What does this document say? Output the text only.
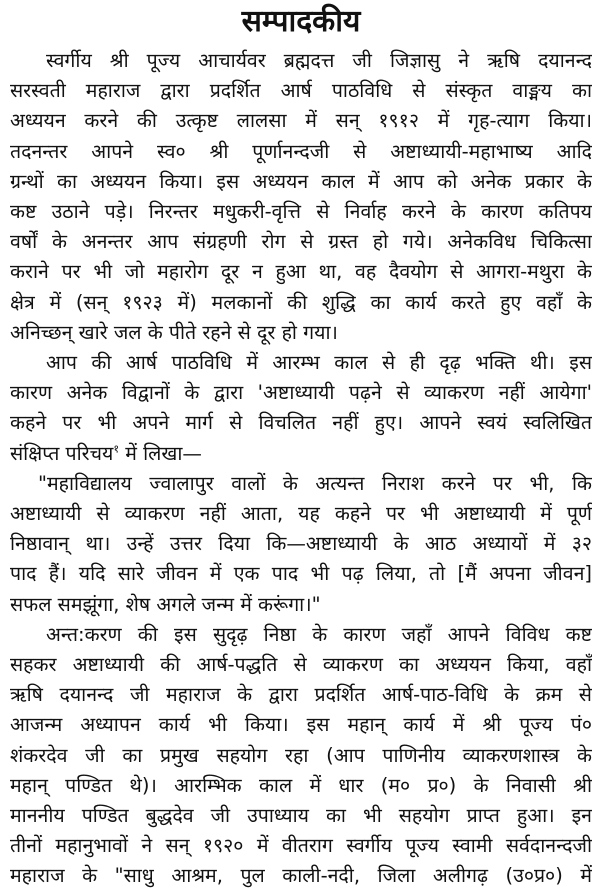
सम्पादकीय

स्वर्गीय श्री पूज्य आचार्यवर ब्रह्मदत्त जी जिज्ञासु ने ऋषि दयानन्द
सरस्वती महाराज द्वारा प्रदर्शित आर्ष पाठविधि से संस्कृत वाङ्मय का
अध्ययन करने की उत्कृष्ट लालसा में सन् १९१२ में गृह-त्याग किया।
तदनन्तर आपने स्व० श्री पूर्णानन्दजी से अष्टाध्यायी-महाभाष्य आदि
ग्रन्थों का अध्ययन किया। इस अध्ययन काल में आप को अनेक प्रकार के
कष्ट उठाने पड़े। निरन्तर मधुकरी-वृत्ति से निर्वाह करने के कारण कतिपय
वर्षों के अनन्तर आप संग्रहणी रोग से ग्रस्त हो गये। अनेकविध चिकित्सा
कराने पर भी जो महारोग दूर न हुआ था, वह दैवयोग से आगरा-मथुरा के
क्षेत्र में (सन् १९२३ में) मलकानों की शुद्धि का कार्य करते हुए वहाँ के
अनिच्छन् खारे जल के पीते रहने से दूर हो गया।

आप की आर्ष पाठविधि में आरम्भ काल से ही दृढ़ भक्ति थी। इस
कारण अनेक विद्वानों के द्वारा 'अष्टाध्यायी पढ़ने से व्याकरण नहीं आयेगा'
कहने पर भी अपने मार्ग से विचलित नहीं हुए। आपने स्वयं स्वलिखित
संक्षिप्त परिचय$^१$ में लिखा—

"महाविद्यालय ज्वालापुर वालों के अत्यन्त निराश करने पर भी, कि
अष्टाध्यायी से व्याकरण नहीं आता, यह कहने पर भी अष्टाध्यायी में पूर्ण
निष्ठावान् था। उन्हें उत्तर दिया कि—अष्टाध्यायी के आठ अध्यायों में ३२
पाद हैं। यदि सारे जीवन में एक पाद भी पढ़ लिया, तो [मैं अपना जीवन]
सफल समझूंगा, शेष अगले जन्म में करूंगा।"

अन्त:करण की इस सुदृढ़ निष्ठा के कारण जहाँ आपने विविध कष्ट
सहकर अष्टाध्यायी की आर्ष-पद्धति से व्याकरण का अध्ययन किया, वहाँ
ऋषि दयानन्द जी महाराज के द्वारा प्रदर्शित आर्ष-पाठ-विधि के क्रम से
आजन्म अध्यापन कार्य भी किया। इस महान् कार्य में श्री पूज्य पं०
शंकरदेव जी का प्रमुख सहयोग रहा (आप पाणिनीय व्याकरणशास्त्र के
महान् पण्डित थे)। आरम्भिक काल में धार (म० प्र०) के निवासी श्री
माननीय पण्डित बुद्धदेव जी उपाध्याय का भी सहयोग प्राप्त हुआ। इन
तीनों महानुभावों ने सन् १९२० में वीतराग स्वर्गीय पूज्य स्वामी सर्वदानन्दजी
महाराज के "साधु आश्रम, पुल काली-नदी, जिला अलीगढ़ (उ०प्र०) में
